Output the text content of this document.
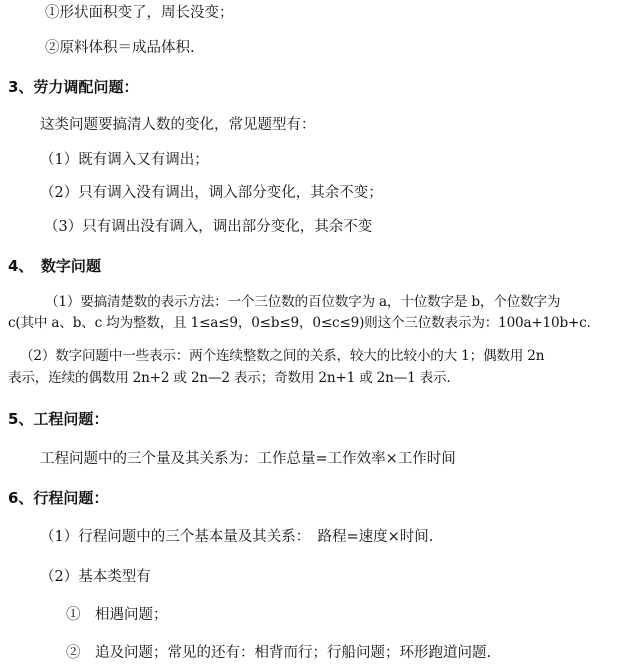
①形状面积变了，周长没变；
②原料体积＝成品体积.
3、劳力调配问题：
这类问题要搞清人数的变化，常见题型有：
（1）既有调入又有调出；
（2）只有调入没有调出，调入部分变化，其余不变；
（3）只有调出没有调入，调出部分变化，其余不变
4、　数字问题
（1）要搞清楚数的表示方法：一个三位数的百位数字为 a，十位数字是 b，个位数字为
c(其中 a、b、c 均为整数，且 1≤a≤9，0≤b≤9，0≤c≤9)则这个三位数表示为：100a+10b+c.
（2）数字问题中一些表示：两个连续整数之间的关系，较大的比较小的大 1；偶数用 2n
表示，连续的偶数用 2n+2 或 2n—2 表示；奇数用 2n+1 或 2n—1 表示.
5、工程问题：
工程问题中的三个量及其关系为：工作总量=工作效率×工作时间
6、行程问题：
（1）行程问题中的三个基本量及其关系：　路程=速度×时间.
（2）基本类型有
①　相遇问题；
②　追及问题；常见的还有：相背而行；行船问题；环形跑道问题.
